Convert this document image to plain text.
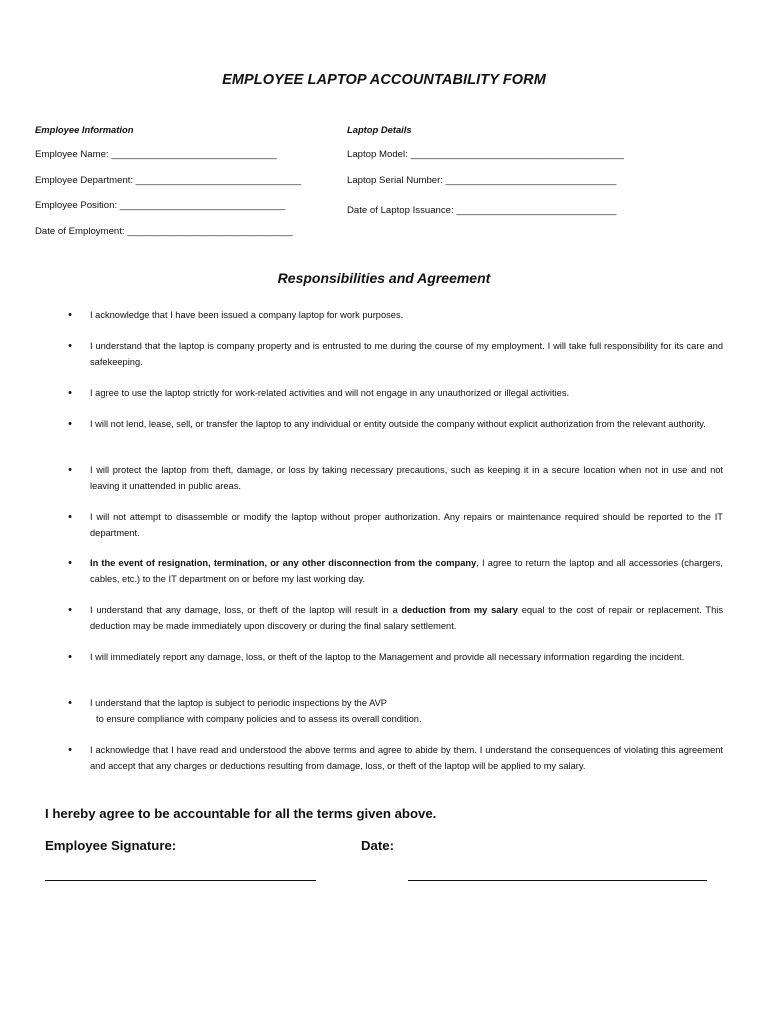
EMPLOYEE LAPTOP ACCOUNTABILITY FORM
Employee Information
Employee Name: _______________________________
Employee Department: _______________________________
Employee Position: _______________________________
Date of Employment: _______________________________
Laptop Details
Laptop Model: ________________________________________
Laptop Serial Number: ________________________________
Date of Laptop Issuance: ______________________________
Responsibilities and Agreement
•	I acknowledge that I have been issued a company laptop for work purposes.
•	I understand that the laptop is company property and is entrusted to me during the course of my employment. I will take full responsibility for its care and safekeeping.
•	I agree to use the laptop strictly for work-related activities and will not engage in any unauthorized or illegal activities.
•	I will not lend, lease, sell, or transfer the laptop to any individual or entity outside the company without explicit authorization from the relevant authority.
•	I will protect the laptop from theft, damage, or loss by taking necessary precautions, such as keeping it in a secure location when not in use and not leaving it unattended in public areas.
•	I will not attempt to disassemble or modify the laptop without proper authorization. Any repairs or maintenance required should be reported to the IT department.
•	In the event of resignation, termination, or any other disconnection from the company, I agree to return the laptop and all accessories (chargers, cables, etc.) to the IT department on or before my last working day.
•	I understand that any damage, loss, or theft of the laptop will result in a deduction from my salary equal to the cost of repair or replacement. This deduction may be made immediately upon discovery or during the final salary settlement.
•	I will immediately report any damage, loss, or theft of the laptop to the Management and provide all necessary information regarding the incident.
•	I understand that the laptop is subject to periodic inspections by the AVP
to ensure compliance with company policies and to assess its overall condition.
•	I acknowledge that I have read and understood the above terms and agree to abide by them. I understand the consequences of violating this agreement and accept that any charges or deductions resulting from damage, loss, or theft of the laptop will be applied to my salary.
I hereby agree to be accountable for all the terms given above.
Employee Signature:	Date:
